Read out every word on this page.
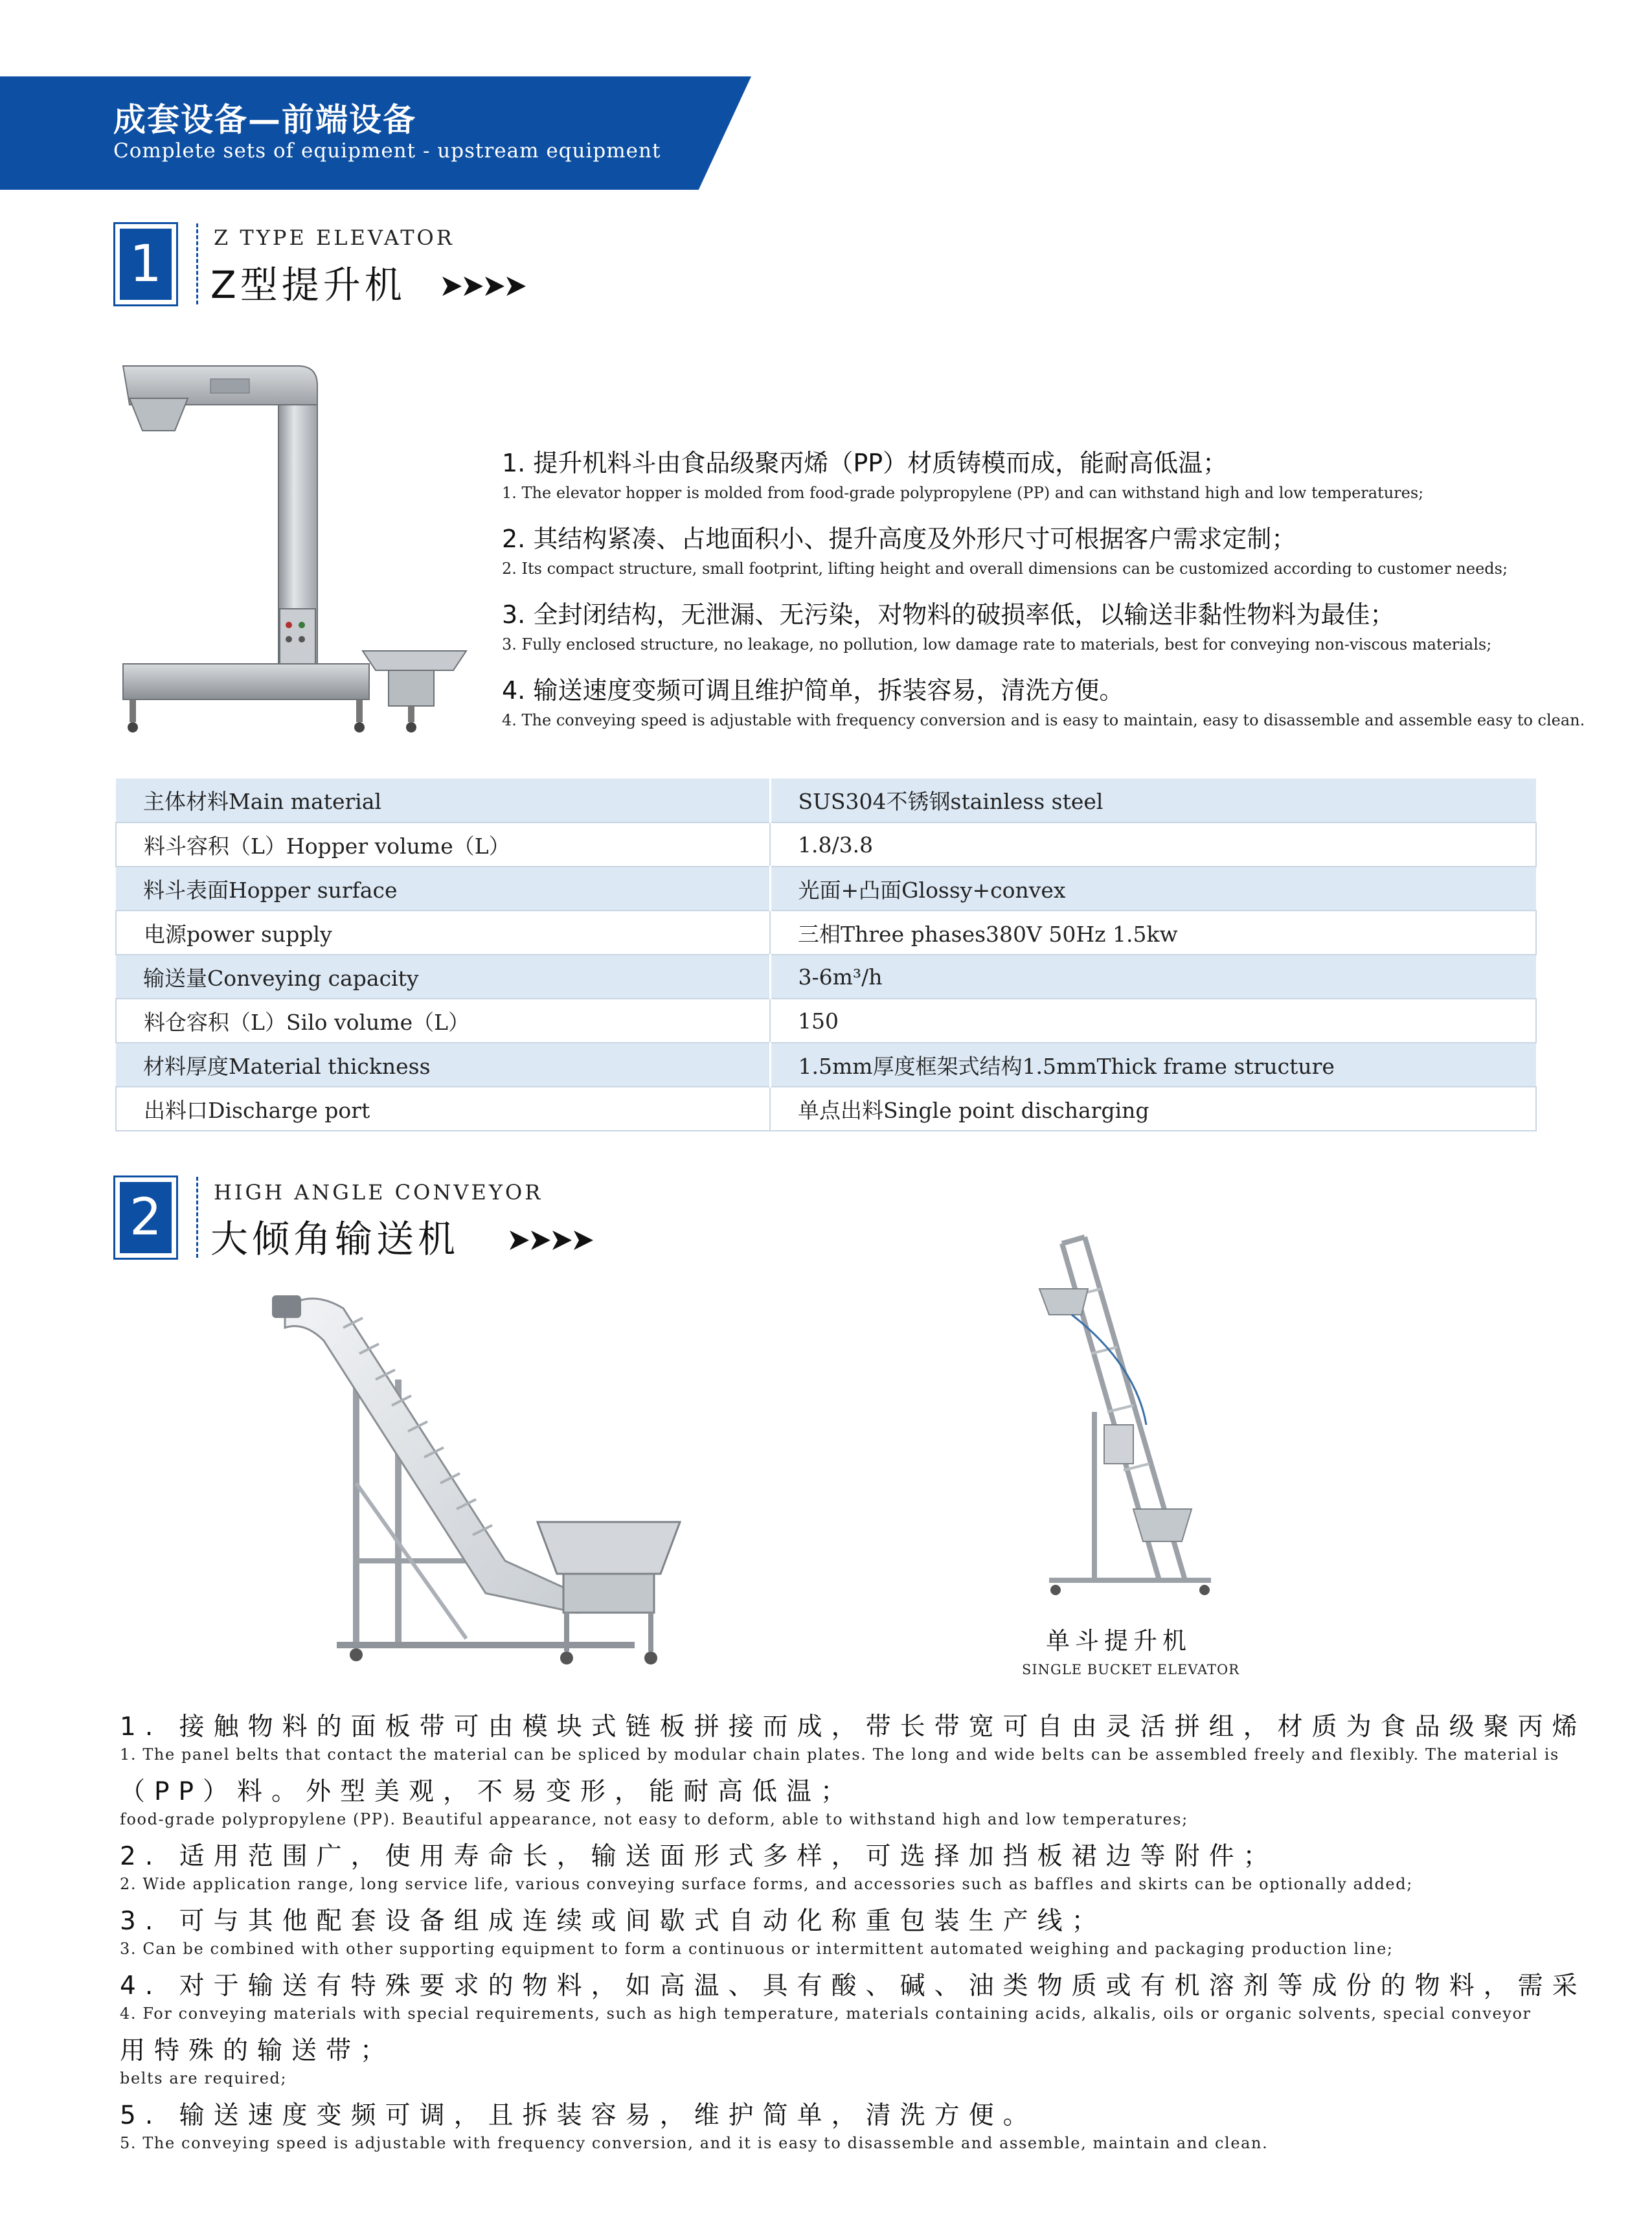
成套设备—前端设备
Complete sets of equipment - upstream equipment
1	Z TYPE ELEVATOR
Z型提升机
1. 提升机料斗由食品级聚丙烯（PP）材质铸模而成，能耐高低温；
1. The elevator hopper is molded from food-grade polypropylene (PP) and can withstand high and low temperatures;
2. 其结构紧凑、占地面积小、提升高度及外形尺寸可根据客户需求定制；
2. Its compact structure, small footprint, lifting height and overall dimensions can be customized according to customer needs;
3. 全封闭结构，无泄漏、无污染，对物料的破损率低，以输送非黏性物料为最佳；
3. Fully enclosed structure, no leakage, no pollution, low damage rate to materials, best for conveying non-viscous materials;
4. 输送速度变频可调且维护简单，拆装容易，清洗方便。
4. The conveying speed is adjustable with frequency conversion and is easy to maintain, easy to disassemble and assemble easy to clean.
主体材料Main material	SUS304不锈钢stainless steel
料斗容积（L）Hopper volume（L）	1.8/3.8
料斗表面Hopper surface	光面+凸面Glossy+convex
电源power supply	三相Three phases380V 50Hz 1.5kw
输送量Conveying capacity	3-6m³/h
料仓容积（L）Silo volume（L）	150
材料厚度Material thickness	1.5mm厚度框架式结构1.5mmThick frame structure
出料口Discharge port	单点出料Single point discharging
2	HIGH ANGLE CONVEYOR
大倾角输送机
单斗提升机
SINGLE BUCKET ELEVATOR
1. 接触物料的面板带可由模块式链板拼接而成，带长带宽可自由灵活拼组，材质为食品级聚丙烯
1. The panel belts that contact the material can be spliced by modular chain plates. The long and wide belts can be assembled freely and flexibly. The material is
（PP）料。外型美观，不易变形，能耐高低温；
food-grade polypropylene (PP). Beautiful appearance, not easy to deform, able to withstand high and low temperatures;
2. 适用范围广，使用寿命长，输送面形式多样，可选择加挡板裙边等附件；
2. Wide application range, long service life, various conveying surface forms, and accessories such as baffles and skirts can be optionally added;
3. 可与其他配套设备组成连续或间歇式自动化称重包装生产线；
3. Can be combined with other supporting equipment to form a continuous or intermittent automated weighing and packaging production line;
4. 对于输送有特殊要求的物料，如高温、具有酸、碱、油类物质或有机溶剂等成份的物料，需采
4. For conveying materials with special requirements, such as high temperature, materials containing acids, alkalis, oils or organic solvents, special conveyor
用特殊的输送带；
belts are required;
5. 输送速度变频可调，且拆装容易，维护简单，清洗方便。
5. The conveying speed is adjustable with frequency conversion, and it is easy to disassemble and assemble, maintain and clean.
